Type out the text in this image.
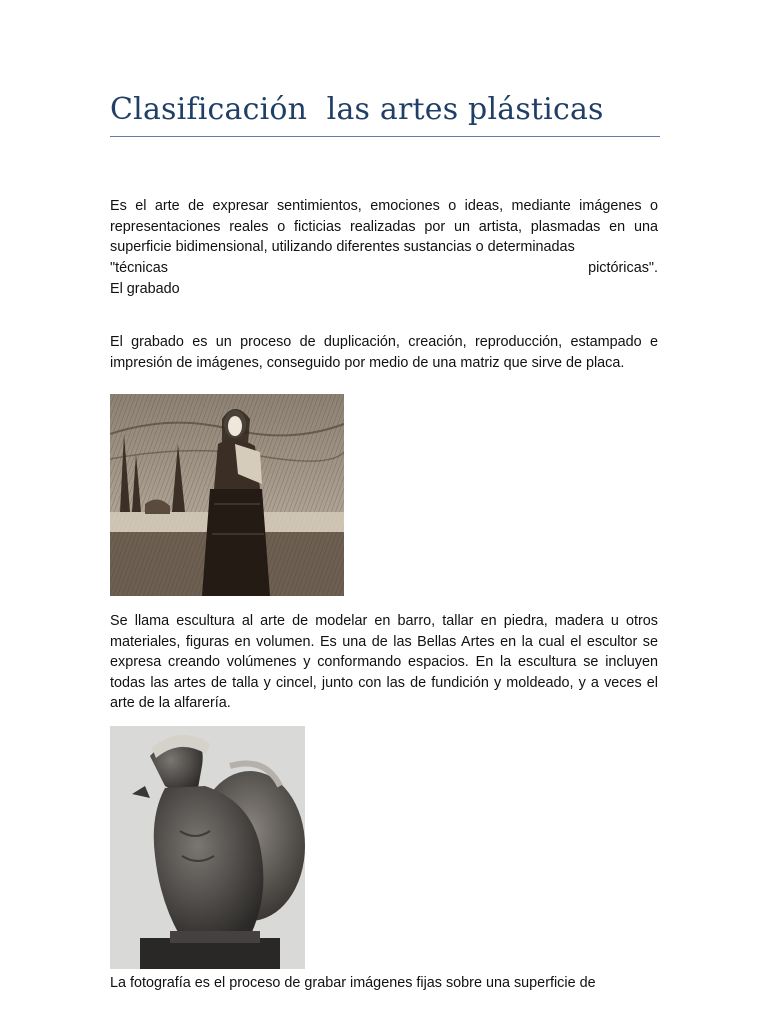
Clasificación  las artes plásticas
Es el arte de expresar sentimientos, emociones o ideas, mediante imágenes o representaciones reales o ficticias realizadas por un artista, plasmadas en una superficie bidimensional, utilizando diferentes sustancias o determinadas
"técnicas	pictóricas".
El grabado
El grabado es un proceso de duplicación, creación, reproducción, estampado e impresión de imágenes, conseguido por medio de una matriz que sirve de placa.
Se llama escultura al arte de modelar en barro, tallar en piedra, madera u otros materiales, figuras en volumen. Es una de las Bellas Artes en la cual el escultor se expresa creando volúmenes y conformando espacios. En la escultura se incluyen todas las artes de talla y cincel, junto con las de fundición y moldeado, y a veces el arte de la alfarería.
La fotografía es el proceso de grabar imágenes fijas sobre una superficie de
